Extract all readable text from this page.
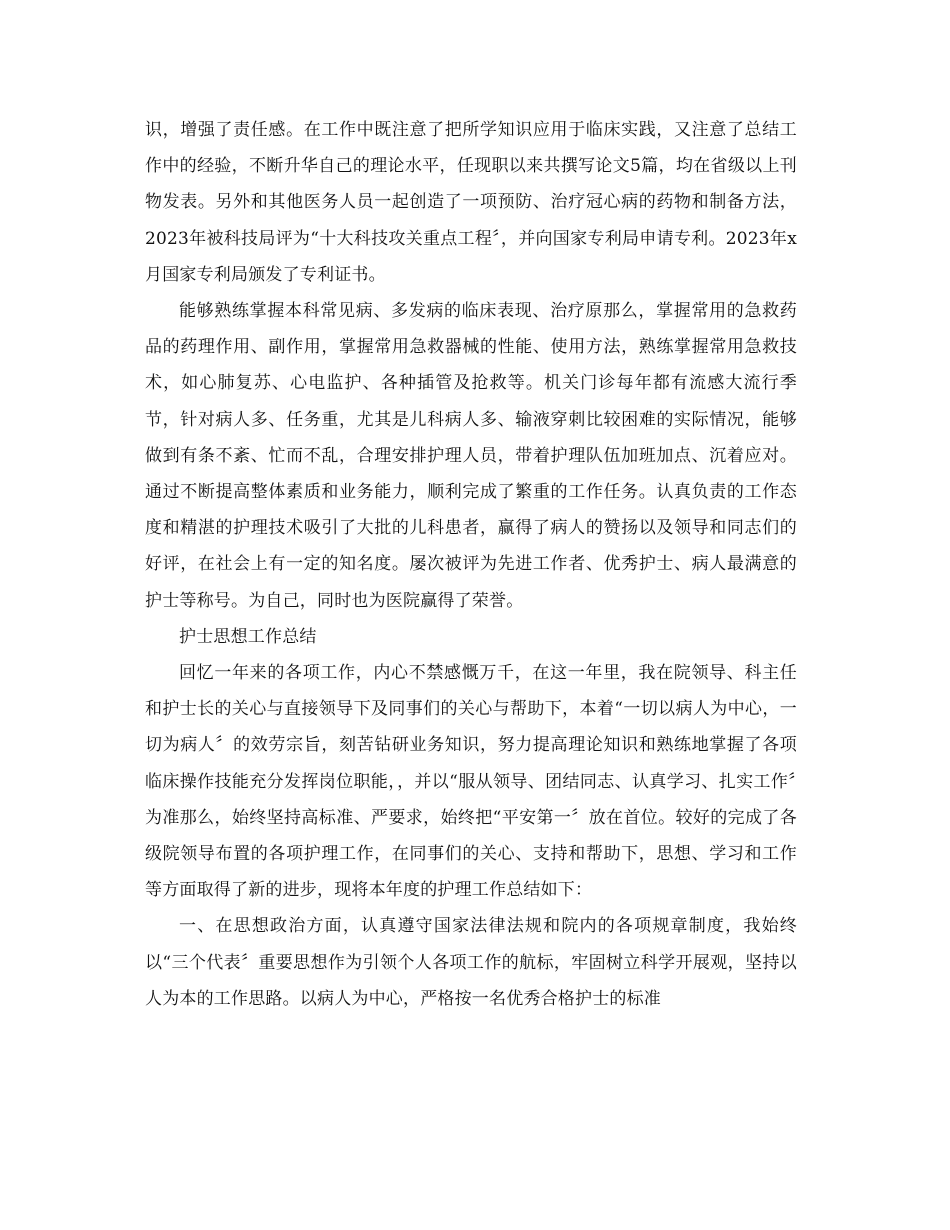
识，增强了责任感。在工作中既注意了把所学知识应用于临床实践，又注意了总结工作中的经验，不断升华自己的理论水平，任现职以来共撰写论文5篇，均在省级以上刊物发表。另外和其他医务人员一起创造了一项预防、治疗冠心病的药物和制备方法，2023年被科技局评为“十大科技攻关重点工程〞，并向国家专利局申请专利。2023年x月国家专利局颁发了专利证书。

能够熟练掌握本科常见病、多发病的临床表现、治疗原那么，掌握常用的急救药品的药理作用、副作用，掌握常用急救器械的性能、使用方法，熟练掌握常用急救技术，如心肺复苏、心电监护、各种插管及抢救等。机关门诊每年都有流感大流行季节，针对病人多、任务重，尤其是儿科病人多、输液穿刺比较困难的实际情况，能够做到有条不紊、忙而不乱，合理安排护理人员，带着护理队伍加班加点、沉着应对。通过不断提高整体素质和业务能力，顺利完成了繁重的工作任务。认真负责的工作态度和精湛的护理技术吸引了大批的儿科患者，赢得了病人的赞扬以及领导和同志们的好评，在社会上有一定的知名度。屡次被评为先进工作者、优秀护士、病人最满意的护士等称号。为自己，同时也为医院赢得了荣誉。

护士思想工作总结

回忆一年来的各项工作，内心不禁感慨万千，在这一年里，我在院领导、科主任和护士长的关心与直接领导下及同事们的关心与帮助下，本着“一切以病人为中心，一切为病人〞的效劳宗旨，刻苦钻研业务知识，努力提高理论知识和熟练地掌握了各项临床操作技能充分发挥岗位职能，，并以“服从领导、团结同志、认真学习、扎实工作〞为准那么，始终坚持高标准、严要求，始终把“平安第一〞放在首位。较好的完成了各级院领导布置的各项护理工作，在同事们的关心、支持和帮助下，思想、学习和工作等方面取得了新的进步，现将本年度的护理工作总结如下：

一、在思想政治方面，认真遵守国家法律法规和院内的各项规章制度，我始终以“三个代表〞重要思想作为引领个人各项工作的航标，牢固树立科学开展观，坚持以人为本的工作思路。以病人为中心，严格按一名优秀合格护士的标准
